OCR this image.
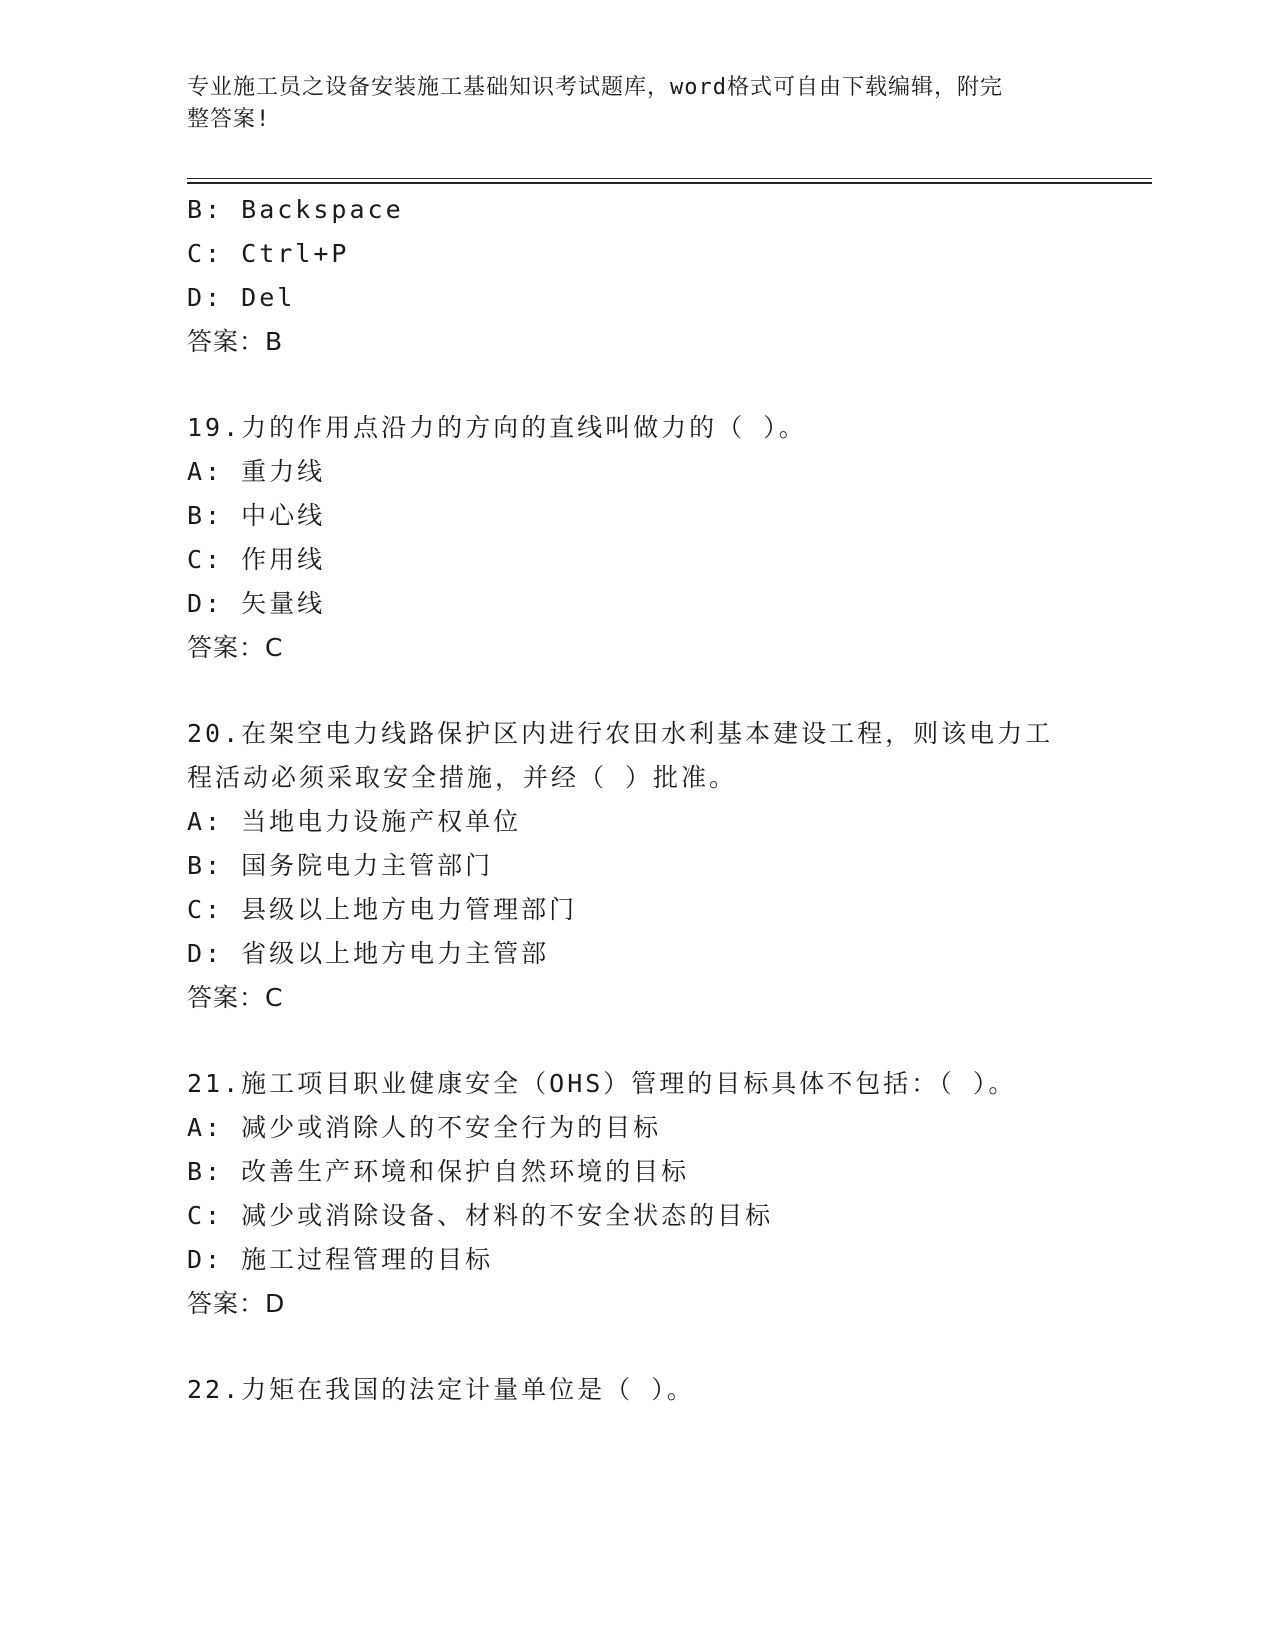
专业施工员之设备安装施工基础知识考试题库，word格式可自由下载编辑，附完
整答案!
B: Backspace
C: Ctrl+P
D: Del
答案：B
19.力的作用点沿力的方向的直线叫做力的（ ）。
A: 重力线
B: 中心线
C: 作用线
D: 矢量线
答案：C
20.在架空电力线路保护区内进行农田水利基本建设工程，则该电力工
程活动必须采取安全措施，并经（ ）批准。
A: 当地电力设施产权单位
B: 国务院电力主管部门
C: 县级以上地方电力管理部门
D: 省级以上地方电力主管部
答案：C
21.施工项目职业健康安全（OHS）管理的目标具体不包括：（ ）。
A: 减少或消除人的不安全行为的目标
B: 改善生产环境和保护自然环境的目标
C: 减少或消除设备、材料的不安全状态的目标
D: 施工过程管理的目标
答案：D
22.力矩在我国的法定计量单位是（ ）。
